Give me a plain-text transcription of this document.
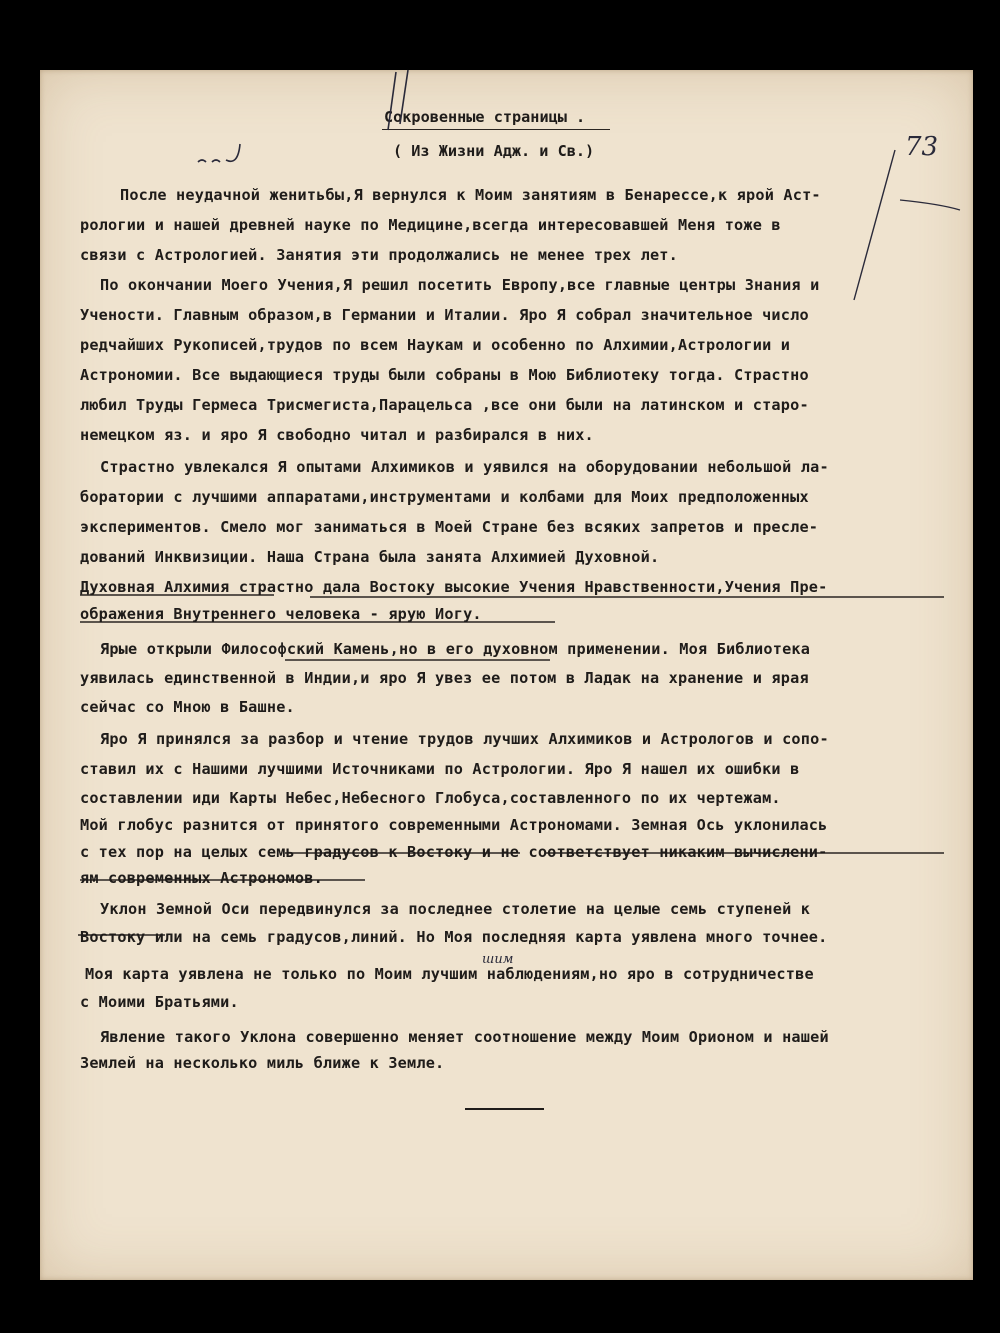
Сокровенные страницы .
( Из Жизни Адж. и Св.)	73
После неудачной женитьбы,Я вернулся к Моим занятиям в Бенарессе,к ярой Аст-
рологии и нашей древней науке по Медицине,всегда интересовавшей Меня тоже в
связи с Астрологией. Занятия эти продолжались не менее трех лет.
По окончании Моего Учения,Я решил посетить Европу,все главные центры Знания и
Учености. Главным образом,в Германии и Италии. Яро Я собрал значительное число
редчайших Рукописей,трудов по всем Наукам и особенно по Алхимии,Астрологии и
Астрономии. Все выдающиеся труды были собраны в Мою Библиотеку тогда. Страстно
любил Труды Гермеса Трисмегиста,Парацельса ,все они были на латинском и старо-
немецком яз. и яро Я свободно читал и разбирался в них.
Страстно увлекался Я опытами Алхимиков и уявился на оборудовании небольшой ла-
боратории с лучшими аппаратами,инструментами и колбами для Моих предположенных
экспериментов. Смело мог заниматься в Моей Стране без всяких запретов и пресле-
дований Инквизиции. Наша Страна была занята Алхимией Духовной.
Духовная Алхимия страстно дала Востоку высокие Учения Нравственности,Учения Пре-
ображения Внутреннего человека - ярую Иогу.
Ярые открыли Философский Камень,но в его духовном применении. Моя Библиотека
уявилась единственной в Индии,и яро Я увез ее потом в Ладак на хранение и ярая
сейчас со Мною в Башне.
Яро Я принялся за разбор и чтение трудов лучших Алхимиков и Астрологов и сопо-
ставил их с Нашими лучшими Источниками по Астрологии. Яро Я нашел их ошибки в
составлении иди Карты Небес,Небесного Глобуса,составленного по их чертежам.
Мой глобус разнится от принятого современными Астрономами. Земная Ось уклонилась
с тех пор на целых семь градусов к Востоку и не соответствует никаким вычислени-
ям современных Астрономов.
Уклон Земной Оси передвинулся за последнее столетие на целые семь ступеней к
Востоку или на семь градусов,линий. Но Моя последняя карта уявлена много точнее.
шим
Моя карта уявлена не только по Моим лучшим наблюдениям,но яро в сотрудничестве
с Моими Братьями.
Явление такого Уклона совершенно меняет соотношение между Моим Орионом и нашей
Землей на несколько миль ближе к Земле.
